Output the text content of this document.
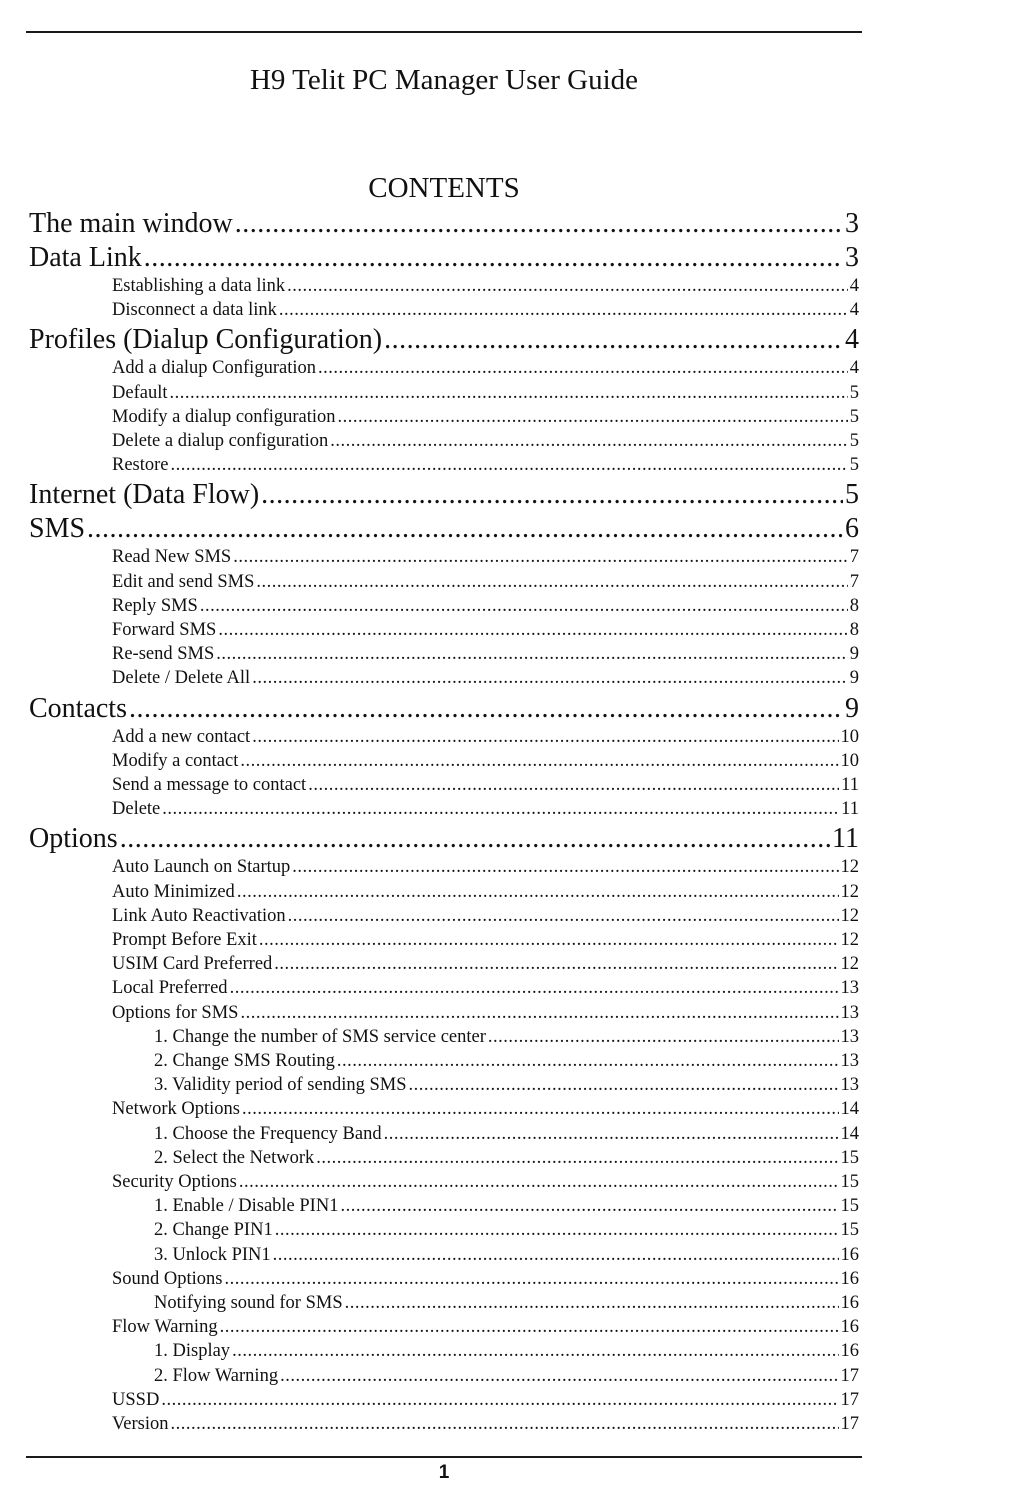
H9 Telit PC Manager User Guide
CONTENTS
The main window .....	3
Data Link .....	3
Establishing a data link .....	4
Disconnect a data link .....	4
Profiles (Dialup Configuration) .....	4
Add a dialup Configuration .....	4
Default .....	5
Modify a dialup configuration .....	5
Delete a dialup configuration .....	5
Restore .....	5
Internet (Data Flow) .....	5
SMS .....	6
Read New SMS .....	7
Edit and send SMS .....	7
Reply SMS .....	8
Forward SMS .....	8
Re-send SMS .....	9
Delete / Delete All .....	9
Contacts .....	9
Add a new contact .....	10
Modify a contact .....	10
Send a message to contact .....	11
Delete .....	11
Options .....	11
Auto Launch on Startup .....	12
Auto Minimized .....	12
Link Auto Reactivation .....	12
Prompt Before Exit .....	12
USIM Card Preferred .....	12
Local Preferred .....	13
Options for SMS .....	13
1. Change the number of SMS service center .....	13
2. Change SMS Routing .....	13
3. Validity period of sending SMS .....	13
Network Options .....	14
1. Choose the Frequency Band .....	14
2. Select the Network .....	15
Security Options .....	15
1. Enable / Disable PIN1 .....	15
2. Change PIN1 .....	15
3. Unlock PIN1 .....	16
Sound Options .....	16
Notifying sound for SMS .....	16
Flow Warning .....	16
1. Display .....	16
2. Flow Warning .....	17
USSD .....	17
Version .....	17
1
